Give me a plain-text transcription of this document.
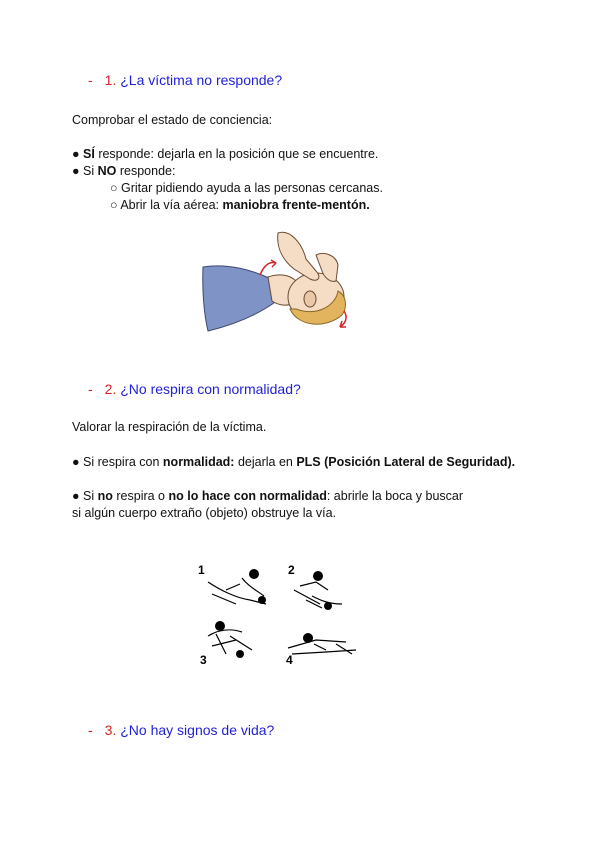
- 1. ¿La víctima no responde?
Comprobar el estado de conciencia:
● SÍ responde: dejarla en la posición que se encuentre.
● Si NO responde:
○ Gritar pidiendo ayuda a las personas cercanas.
○ Abrir la vía aérea: maniobra frente-mentón.
- 2. ¿No respira con normalidad?
Valorar la respiración de la víctima.
● Si respira con normalidad: dejarla en PLS (Posición Lateral de Seguridad).
● Si no respira o no lo hace con normalidad: abrirle la boca y buscar
si algún cuerpo extraño (objeto) obstruye la vía.
1	2
3	4
- 3. ¿No hay signos de vida?
